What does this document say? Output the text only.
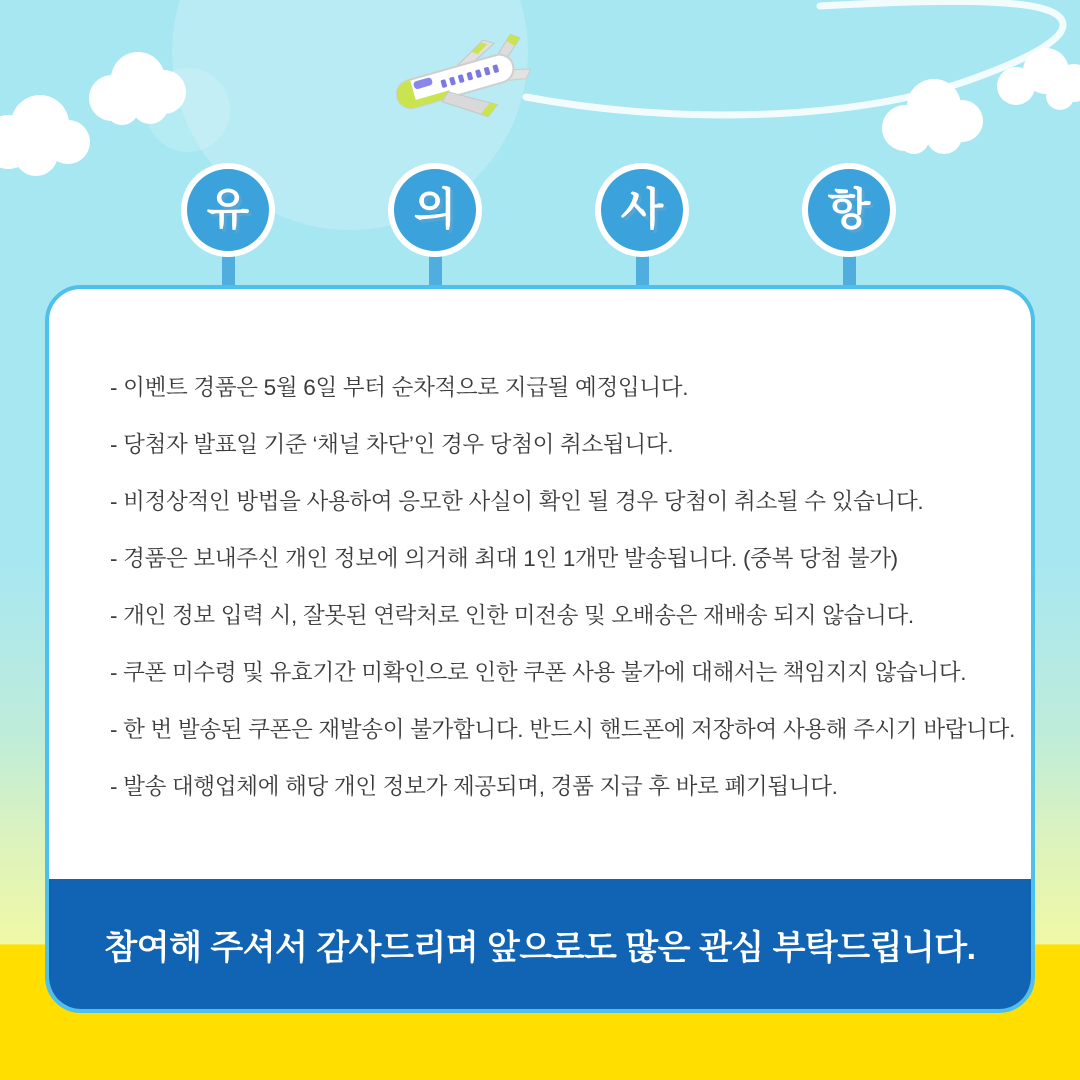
유	의	사	항
- 이벤트 경품은 5월 6일 부터 순차적으로 지급될 예정입니다.
- 당첨자 발표일 기준 ‘채널 차단’인 경우 당첨이 취소됩니다.
- 비정상적인 방법을 사용하여 응모한 사실이 확인 될 경우 당첨이 취소될 수 있습니다.
- 경품은 보내주신 개인 정보에 의거해 최대 1인 1개만 발송됩니다. (중복 당첨 불가)
- 개인 정보 입력 시, 잘못된 연락처로 인한 미전송 및 오배송은 재배송 되지 않습니다.
- 쿠폰 미수령 및 유효기간 미확인으로 인한 쿠폰 사용 불가에 대해서는 책임지지 않습니다.
- 한 번 발송된 쿠폰은 재발송이 불가합니다. 반드시 핸드폰에 저장하여 사용해 주시기 바랍니다.
- 발송 대행업체에 해당 개인 정보가 제공되며, 경품 지급 후 바로 폐기됩니다.
참여해 주셔서 감사드리며 앞으로도 많은 관심 부탁드립니다.
